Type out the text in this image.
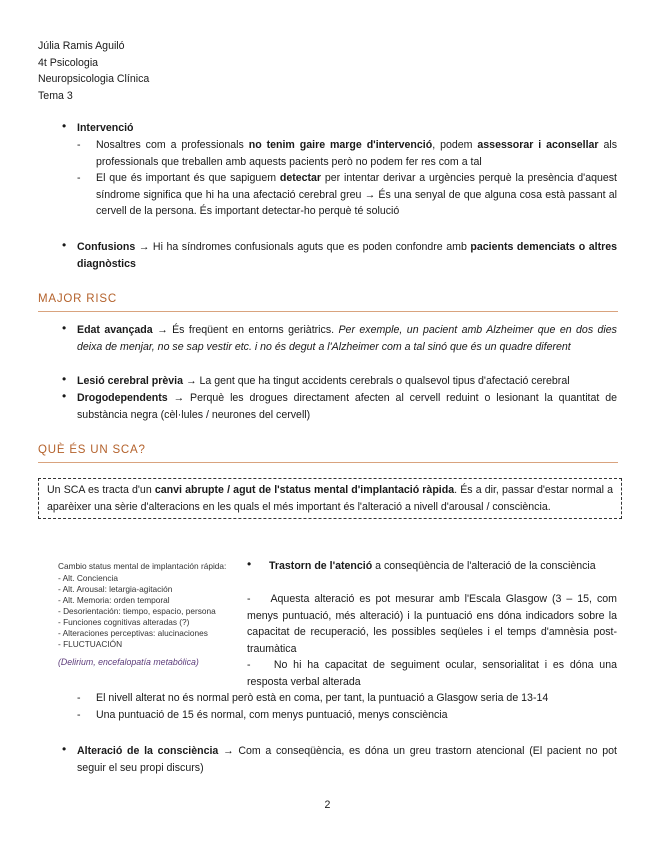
Júlia Ramis Aguiló
4t Psicologia
Neuropsicologia Clínica
Tema 3
•	Intervenció
-	Nosaltres com a professionals no tenim gaire marge d'intervenció, podem assessorar i aconsellar als professionals que treballen amb aquests pacients però no podem fer res com a tal
-	El que és important és que sapiguem detectar per intentar derivar a urgències perquè la presència d'aquest síndrome significa que hi ha una afectació cerebral greu → És una senyal de que alguna cosa està passant al cervell de la persona. És important detectar-ho perquè té solució
•	Confusions → Hi ha síndromes confusionals aguts que es poden confondre amb pacients demenciats o altres diagnòstics
MAJOR RISC
•	Edat avançada → És freqüent en entorns geriàtrics. Per exemple, un pacient amb Alzheimer que en dos dies deixa de menjar, no se sap vestir etc. i no és degut a l'Alzheimer com a tal sinó que és un quadre diferent
•	Lesió cerebral prèvia → La gent que ha tingut accidents cerebrals o qualsevol tipus d'afectació cerebral
•	Drogodependents → Perquè les drogues directament afecten al cervell reduint o lesionant la quantitat de substància negra (cèl·lules / neurones del cervell)
QUÈ ÉS UN SCA?
Un SCA es tracta d'un canvi abrupte / agut de l'status mental d'implantació ràpida. És a dir, passar d'estar normal a aparèixer una sèrie d'alteracions en les quals el més important és l'alteració a nivell d'arousal / consciència.
Cambio status mental de implantación rápida:
- Alt. Conciencia
- Alt. Arousal: letargia-agitación
- Alt. Memoria: orden temporal
- Desorientación: tiempo, espacio, persona
- Funciones cognitivas alteradas (?)
- Alteraciones perceptivas: alucinaciones
- FLUCTUACIÓN
(Delirium, encefalopatía metabólica)
•	Trastorn de l'atenció a conseqüència de l'alteració de la consciència
-    Aquesta alteració es pot mesurar amb l'Escala Glasgow (3 – 15, com menys puntuació, més alteració) i la puntuació ens dóna indicadors sobre la capacitat de recuperació, les possibles seqüeles i el temps d'amnèsia post-traumàtica
-    No hi ha capacitat de seguiment ocular, sensorialitat i es dóna una resposta verbal alterada
-	El nivell alterat no és normal però està en coma, per tant, la puntuació a Glasgow seria de 13-14
-	Una puntuació de 15 és normal, com menys puntuació, menys consciència
•	Alteració de la consciència → Com a conseqüència, es dóna un greu trastorn atencional (El pacient no pot seguir el seu propi discurs)
2
